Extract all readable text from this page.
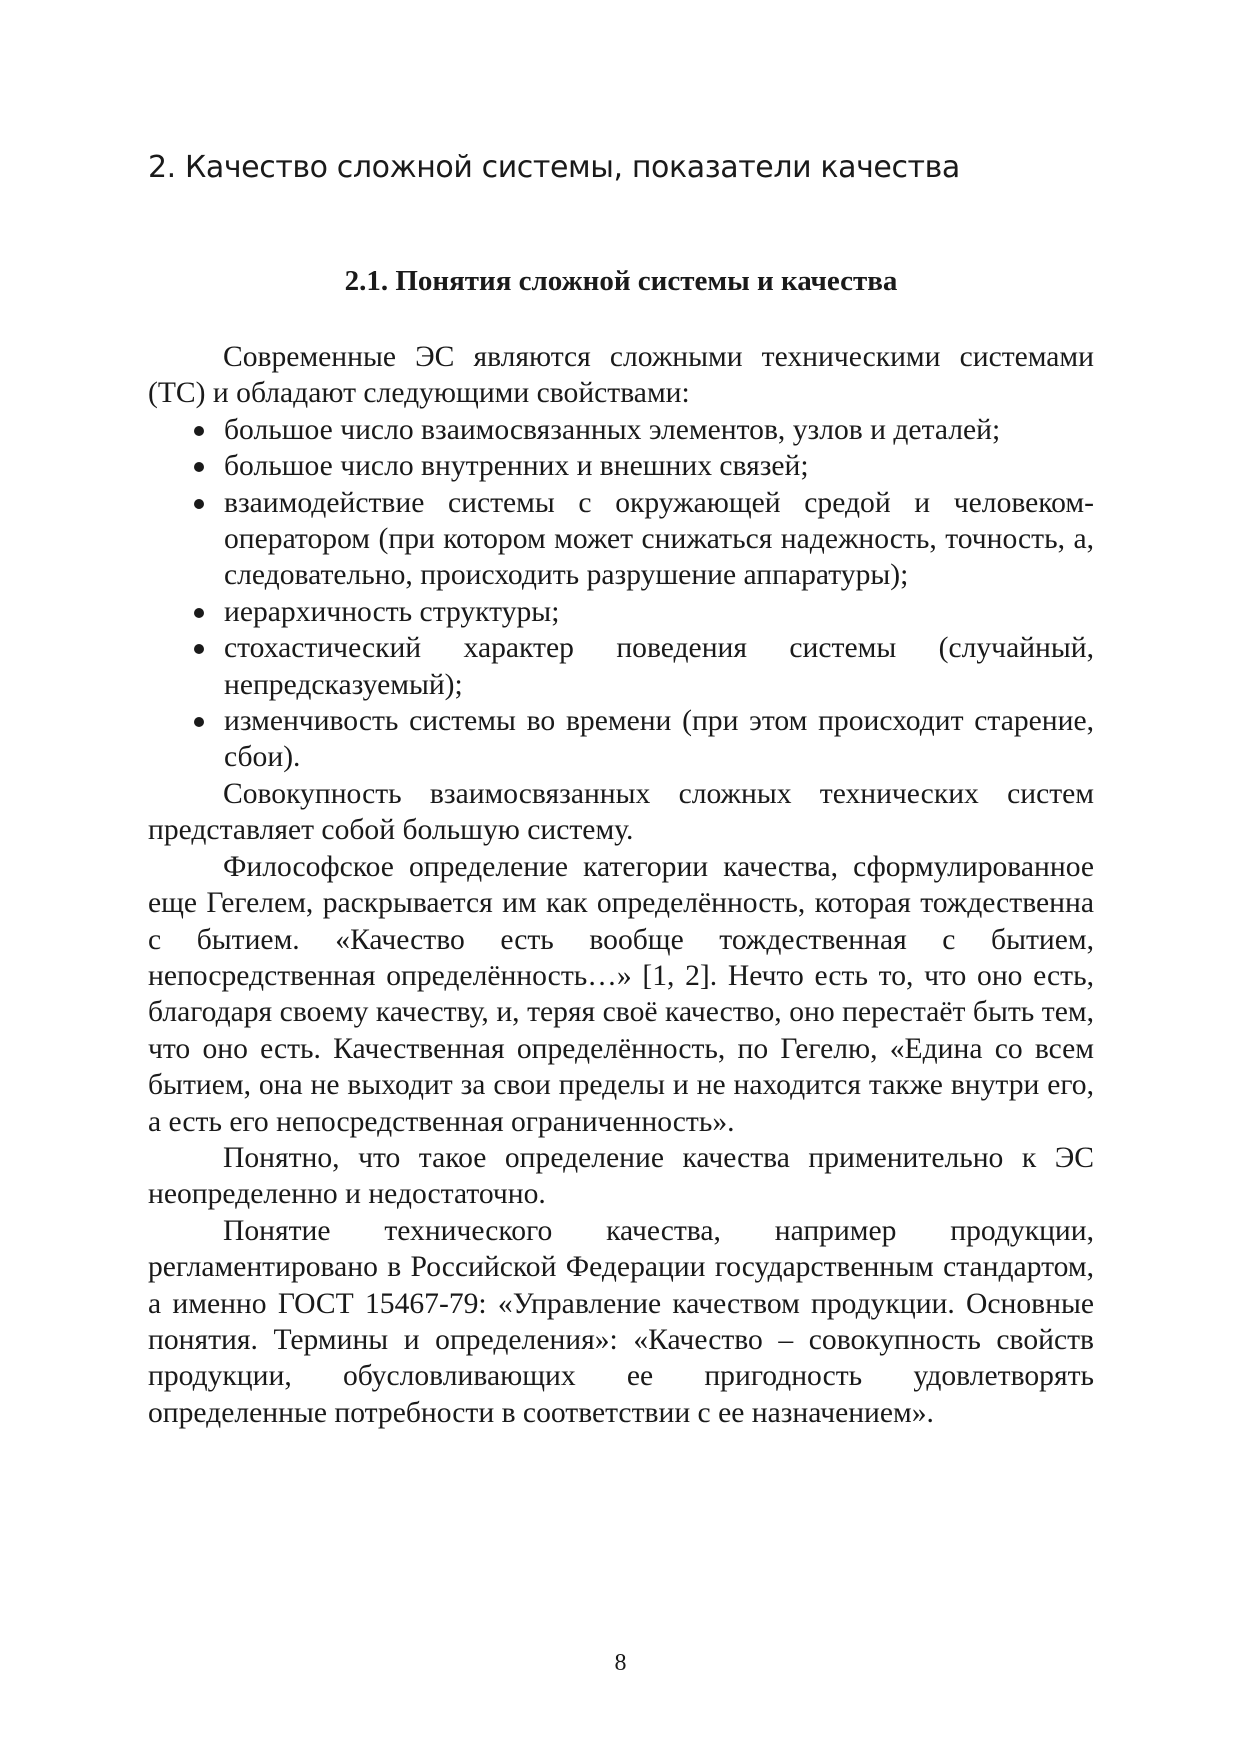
2. Качество сложной системы, показатели качества
2.1. Понятия сложной системы и качества

Современные ЭС являются сложными техническими системами (ТС) и обладают следующими свойствами:

большое число взаимосвязанных элементов, узлов и деталей;
большое число внутренних и внешних связей;
взаимодействие системы с окружающей средой и человеком-оператором (при котором может снижаться надежность, точность, а, следовательно, происходить разрушение аппаратуры);
иерархичность структуры;
стохастический характер поведения системы (случайный, непредсказуемый);
изменчивость системы во времени (при этом происходит старение, сбои).

Совокупность взаимосвязанных сложных технических систем представляет собой большую систему.

Философское определение категории качества, сформулированное еще Гегелем, раскрывается им как определённость, которая тождественна с бытием. «Качество есть вообще тождественная с бытием, непосредственная определённость…» [1, 2]. Нечто есть то, что оно есть, благодаря своему качеству, и, теряя своё качество, оно перестаёт быть тем, что оно есть. Качественная определённость, по Гегелю, «Едина со всем бытием, она не выходит за свои пределы и не находится также внутри его, а есть его непосредственная ограниченность».

Понятно, что такое определение качества применительно к ЭС неопределенно и недостаточно.

Понятие технического качества, например продукции, регламентировано в Российской Федерации государственным стандартом, а именно ГОСТ 15467-79: «Управление качеством продукции. Основные понятия. Термины и определения»: «Качество – совокупность свойств продукции, обусловливающих ее пригодность удовлетворять определенные потребности в соответствии с ее назначением».

8
